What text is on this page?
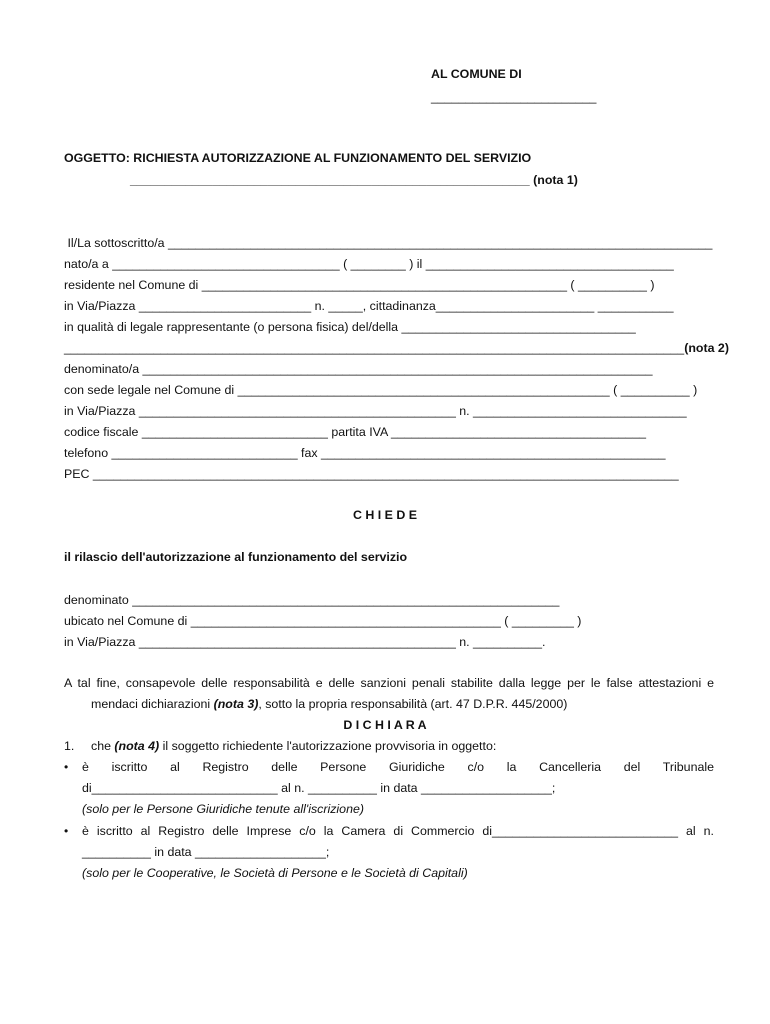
AL COMUNE DI
________________________
OGGETTO: RICHIESTA AUTORIZZAZIONE AL FUNZIONAMENTO DEL SERVIZIO
__________________________________________________________ (nota 1)
Il/La sottoscritto/a _______________________________________________________________________________
nato/a a _________________________________ ( ________ ) il ____________________________________
residente nel Comune di _____________________________________________________ ( __________ )
in Via/Piazza _________________________ n. _____, cittadinanza_______________________ ___________
in qualità di legale rappresentante (o persona fisica) del/della __________________________________
__________________________________________________________________________________________(nota 2)
denominato/a __________________________________________________________________________
con sede legale nel Comune di ______________________________________________________ ( __________ )
in Via/Piazza ______________________________________________ n. _______________________________
codice fiscale ___________________________ partita IVA _____________________________________
telefono ___________________________ fax __________________________________________________
PEC _____________________________________________________________________________________
C H I E D E
il rilascio dell'autorizzazione al funzionamento del servizio
denominato ______________________________________________________________
ubicato nel Comune di _____________________________________________ ( _________ )
in Via/Piazza ______________________________________________ n. __________.
A tal fine, consapevole delle responsabilità e delle sanzioni penali stabilite dalla legge per le false attestazioni e
mendaci dichiarazioni (nota 3), sotto la propria responsabilità (art. 47 D.P.R. 445/2000)
D I C H I A R A
1. che (nota 4) il soggetto richiedente l'autorizzazione provvisoria in oggetto:
• è iscritto al Registro delle Persone Giuridiche c/o la Cancelleria del Tribunale
di___________________________ al n. __________ in data ___________________;
(solo per le Persone Giuridiche tenute all'iscrizione)
• è iscritto al Registro delle Imprese c/o la Camera di Commercio di___________________________ al n.
__________ in data ___________________;
(solo per le Cooperative, le Società di Persone e le Società di Capitali)
